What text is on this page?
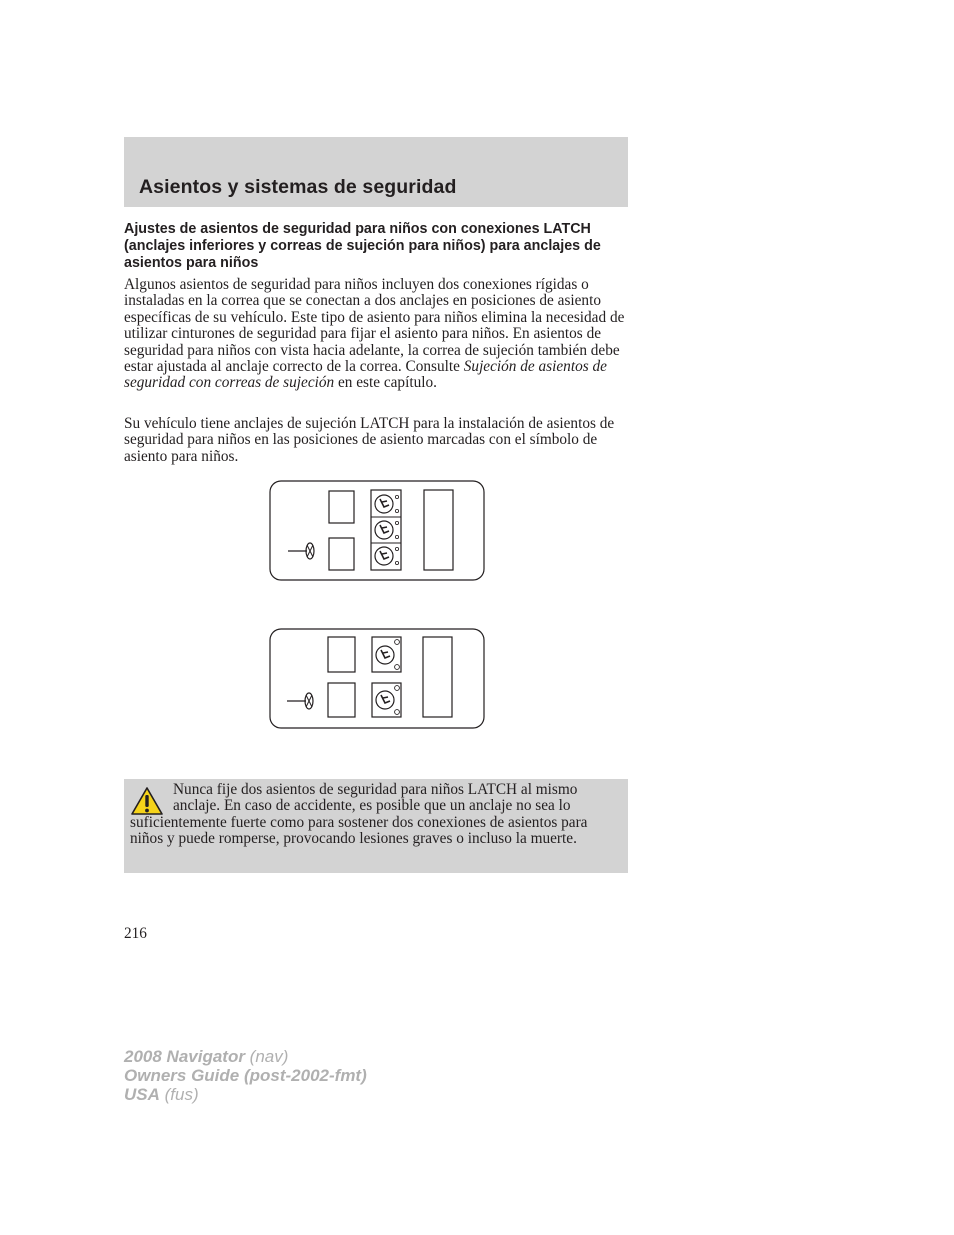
Asientos y sistemas de seguridad
Ajustes de asientos de seguridad para niños con conexiones LATCH (anclajes inferiores y correas de sujeción para niños) para anclajes de asientos para niños

Algunos asientos de seguridad para niños incluyen dos conexiones rígidas o instaladas en la correa que se conectan a dos anclajes en posiciones de asiento específicas de su vehículo. Este tipo de asiento para niños elimina la necesidad de utilizar cinturones de seguridad para fijar el asiento para niños. En asientos de seguridad para niños con vista hacia adelante, la correa de sujeción también debe estar ajustada al anclaje correcto de la correa. Consulte Sujeción de asientos de seguridad con correas de sujeción en este capítulo.

Su vehículo tiene anclajes de sujeción LATCH para la instalación de asientos de seguridad para niños en las posiciones de asiento marcadas con el símbolo de asiento para niños.

Nunca fije dos asientos de seguridad para niños LATCH al mismo anclaje. En caso de accidente, es posible que un anclaje no sea lo suficientemente fuerte como para sostener dos conexiones de asientos para niños y puede romperse, provocando lesiones graves o incluso la muerte.

216
2008 Navigator (nav)
Owners Guide (post-2002-fmt)
USA (fus)
